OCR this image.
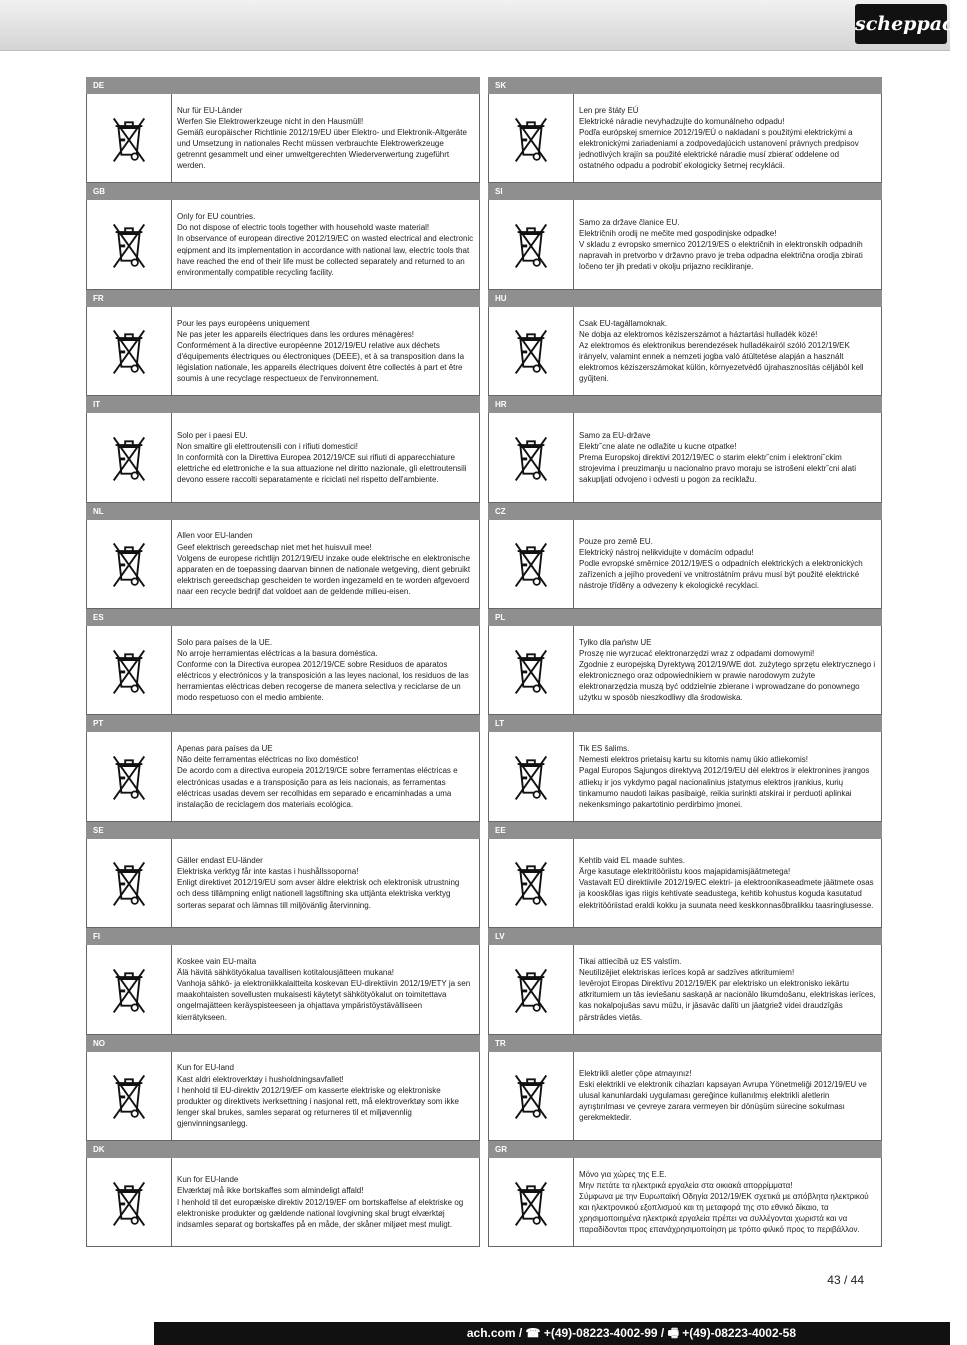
scheppach
DE
Nur für EU-Länder
Werfen Sie Elektrowerkzeuge nicht in den Hausmüll!
Gemäß europäischer Richtlinie 2012/19/EU über Elektro- und Elektronik-Altgeräte und Umsetzung in nationales Recht müssen verbrauchte Elektrowerkzeuge getrennt gesammelt und einer umweltgerechten Wiederverwertung zugeführt werden.
GB
Only for EU countries.
Do not dispose of electric tools together with household waste material!
In observance of european directive 2012/19/EC on wasted electrical and electronic eqipment and its implementation in accordance with national law, electric tools that have reached the end of their life must be collected separately and returned to an environmentally compatible recycling facility.
FR
Pour les pays européens uniquement
Ne pas jeter les appareils électriques dans les ordures ménagères!
Conformément à la directive européenne 2012/19/EU relative aux déchets d'équipements électriques ou électroniques (DEEE), et à sa transposition dans la législation nationale, les appareils électriques doivent être collectés à part et être soumis à une recyclage respectueux de l'environnement.
IT
Solo per i paesi EU.
Non smaltire gli elettroutensili con i rifiuti domestici!
In conformità con la Direttiva Europea 2012/19/CE sui rifiuti di apparecchiature elettriche ed elettroniche e la sua attuazione nel diritto nazionale, gli elettroutensili devono essere raccolti separatamente e riciclati nel rispetto dell'ambiente.
NL
Allen voor EU-landen
Geef elektrisch gereedschap niet met het huisvuil mee!
Volgens de europese richtlijn 2012/19/EU inzake oude elektrische en elektronische apparaten en de toepassing daarvan binnen de nationale wetgeving, dient gebruikt elektrisch gereedschap gescheiden te worden ingezameld en te worden afgevoerd naar een recycle bedrijf dat voldoet aan de geldende milieu-eisen.
ES
Solo para países de la UE.
No arroje herramientas eléctricas a la basura doméstica.
Conforme con la Directiva europea 2012/19/CE sobre Residuos de aparatos eléctricos y electrónicos y la transposición a las leyes nacional, los residuos de las herramientas eléctricas deben recogerse de manera selectiva y reciclarse de un modo respetuoso con el medio ambiente.
PT
Apenas para países da UE
Não deite ferramentas eléctricas no lixo doméstico!
De acordo com a directiva europeia 2012/19/CE sobre ferramentas eléctricas e electrónicas usadas e a transposição para as leis nacionais, as ferramentas eléctricas usadas devem ser recolhidas em separado e encaminhadas a uma instalação de reciclagem dos materiais ecológica.
SE
Gäller endast EU-länder
Elektriska verktyg får inte kastas i hushållssoporna!
Enligt direktivet 2012/19/EU som avser äldre elektrisk och elektronisk utrustning och dess tillämpning enligt nationell lagstiftning ska uttjänta elektriska verktyg sorteras separat och lämnas till miljövänlig återvinning.
FI
Koskee vain EU-maita
Älä hävitä sähkötyökalua tavallisen kotitalousjätteen mukana!
Vanhoja sähkö- ja elektroniikkalaitteita koskevan EU-direktiivin 2012/19/ETY ja sen maakohtaisten sovellusten mukaisesti käytetyt sähkötyökalut on toimitettava ongelmajätteen keräyspisteeseen ja ohjattava ympäristöystävälliseen kierrätykseen.
NO
Kun for EU-land
Kast aldri elektroverktøy i husholdningsavfallet!
I henhold til EU-direktiv 2012/19/EF om kasserte elektriske og elektroniske produkter og direktivets iverksettning i nasjonal rett, må elektroverktøy som ikke lenger skal brukes, samles separat og returneres til et miljøvennlig gjenvinningsanlegg.
DK
Kun for EU-lande
Elværktøj må ikke bortskaffes som almindeligt affald!
I henhold til det europæiske direktiv 2012/19/EF om bortskaffelse af elektriske og elektroniske produkter og gældende national lovgivning skal brugt elværktøj indsamles separat og bortskaffes på en måde, der skåner miljøet mest muligt.
SK
Len pre štáty EÚ
Elektrické náradie nevyhadzujte do komunálneho odpadu!
Podľa európskej smernice 2012/19/EÚ o nakladaní s použitými elektrickými a elektronickými zariadeniami a zodpovedajúcich ustanovení právnych predpisov jednotlivých krajín sa použité elektrické náradie musí zbierať oddelene od ostatného odpadu a podrobiť ekologicky šetrnej recyklácii.
SI
Samo za države članice EU.
Električnih orodij ne mečite med gospodinjske odpadke!
V skladu z evropsko smernico 2012/19/ES o električnih in elektronskih odpadnih napravah in pretvorbo v državno pravo je treba odpadna električna orodja zbirati ločeno ter jih predati v okolju prijazno recikliranje.
HU
Csak EU-tagállamoknak.
Ne dobja az elektromos kéziszerszámot a háztartási hulladék közé!
Az elektromos és elektronikus berendezések hulladékairól szóló 2012/19/EK irányelv, valamint ennek a nemzeti jogba való átültetése alapján a használt elektromos kéziszerszámokat külön, környezetvédő újrahasznosítás céljából kell gyűjteni.
HR
Samo za EU-države
Elektr˘cne alate ne odlažite u kucne otpatke!
Prema Europskoj direktivi 2012/19/EC o starim elektr˘cnim i elektroni˘ckim strojevima i preuzimanju u nacionalno pravo moraju se istrošeni elektr˘cni alati sakupljati odvojeno i odvesti u pogon za reciklažu.
CZ
Pouze pro země EU.
Elektrický nástroj nelikvidujte v domácím odpadu!
Podle evropské směrnice 2012/19/ES o odpadních elektrických a elektronických zařízeních a jejího provedení ve vnitrostátním právu musí být použité elektrické nástroje tříděny a odvezeny k ekologické recyklaci.
PL
Tylko dla państw UE
Proszę nie wyrzucać elektronarzędzi wraz z odpadami domowymi!
Zgodnie z europejską Dyrektywą 2012/19/WE dot. zużytego sprzętu elektrycznego i elektronicznego oraz odpowiednikiem w prawie narodowym zużyte elektronarzędzia muszą być oddzielnie zbierane i wprowadzane do ponownego użytku w sposób nieszkodliwy dla środowiska.
LT
Tik ES šalims.
Nemesti elektros prietaisų kartu su kitomis namų ūkio atliekomis!
Pagal Europos Sąjungos direktyvą 2012/19/EU dėl elektros ir elektronines įrangos atliekų ir jos vykdymo pagal nacionalinius įstatymus elektros įrankius, kurių tinkamumo naudoti laikas pasibaigė, reikia surinkti atskirai ir perduoti aplinkai nekenksmingo pakartotinio perdirbimo įmonei.
EE
Kehtib vaid EL maade suhtes.
Ärge kasutage elektritööriistu koos majapidamisjäätmetega!
Vastavalt EÜ direktiivile 2012/19/EC elektri- ja elektroonikaseadmete jäätmete osas ja kooskõlas igas riigis kehtivate seadustega, kehtib kohustus koguda kasutatud elektritööriistad eraldi kokku ja suunata need keskkonnasõbralikku taasringlusesse.
LV
Tikai attiecībā uz ES valstīm.
Neutilizējiet elektriskas ierīces kopā ar sadzīves atkritumiem!
Ievērojot Eiropas Direktīvu 2012/19/EK par elektrisko un elektronisko iekārtu atkritumiem un tās ieviešanu saskaņā ar nacionālo likumdošanu, elektriskas ierīces, kas nokalpojušas savu mūžu, ir jāsavāc dalīti un jāatgriež videi draudzīgās pārstrādes vietās.
TR
Elektrikli aletler çöpe atmayınız!
Eski elektrikli ve elektronik cihazları kapsayan Avrupa Yönetmeliği 2012/19/EU ve ulusal kanunlardaki uygulaması gereğince kullanılmış elektrikli aletlerin ayrıştırılması ve çevreye zarara vermeyen bir dönüşüm sürecine sokulması gerekmektedir.
GR
Μόνο για χώρες της Ε.Ε.
Μην πετάτε τα ηλεκτρικά εργαλεία στα οικιακά απορρίμματα!
Σύμφωνα με την Ευρωπαϊκή Οδηγία 2012/19/ΕΚ σχετικά με απόβλητα ηλεκτρικού και ηλεκτρονικού εξοπλισμού και τη μεταφορά της στο εθνικό δίκαιο, τα χρησιμοποιημένα ηλεκτρικά εργαλεία πρέπει να συλλέγονται χωριστά και να παραδίδονται προς επανάχρησιμοποίηση με τρόπο φιλικό προς το περιβάλλον.
43 / 44
ach.com / ☎ +(49)-08223-4002-99 / 🖷 +(49)-08223-4002-58
